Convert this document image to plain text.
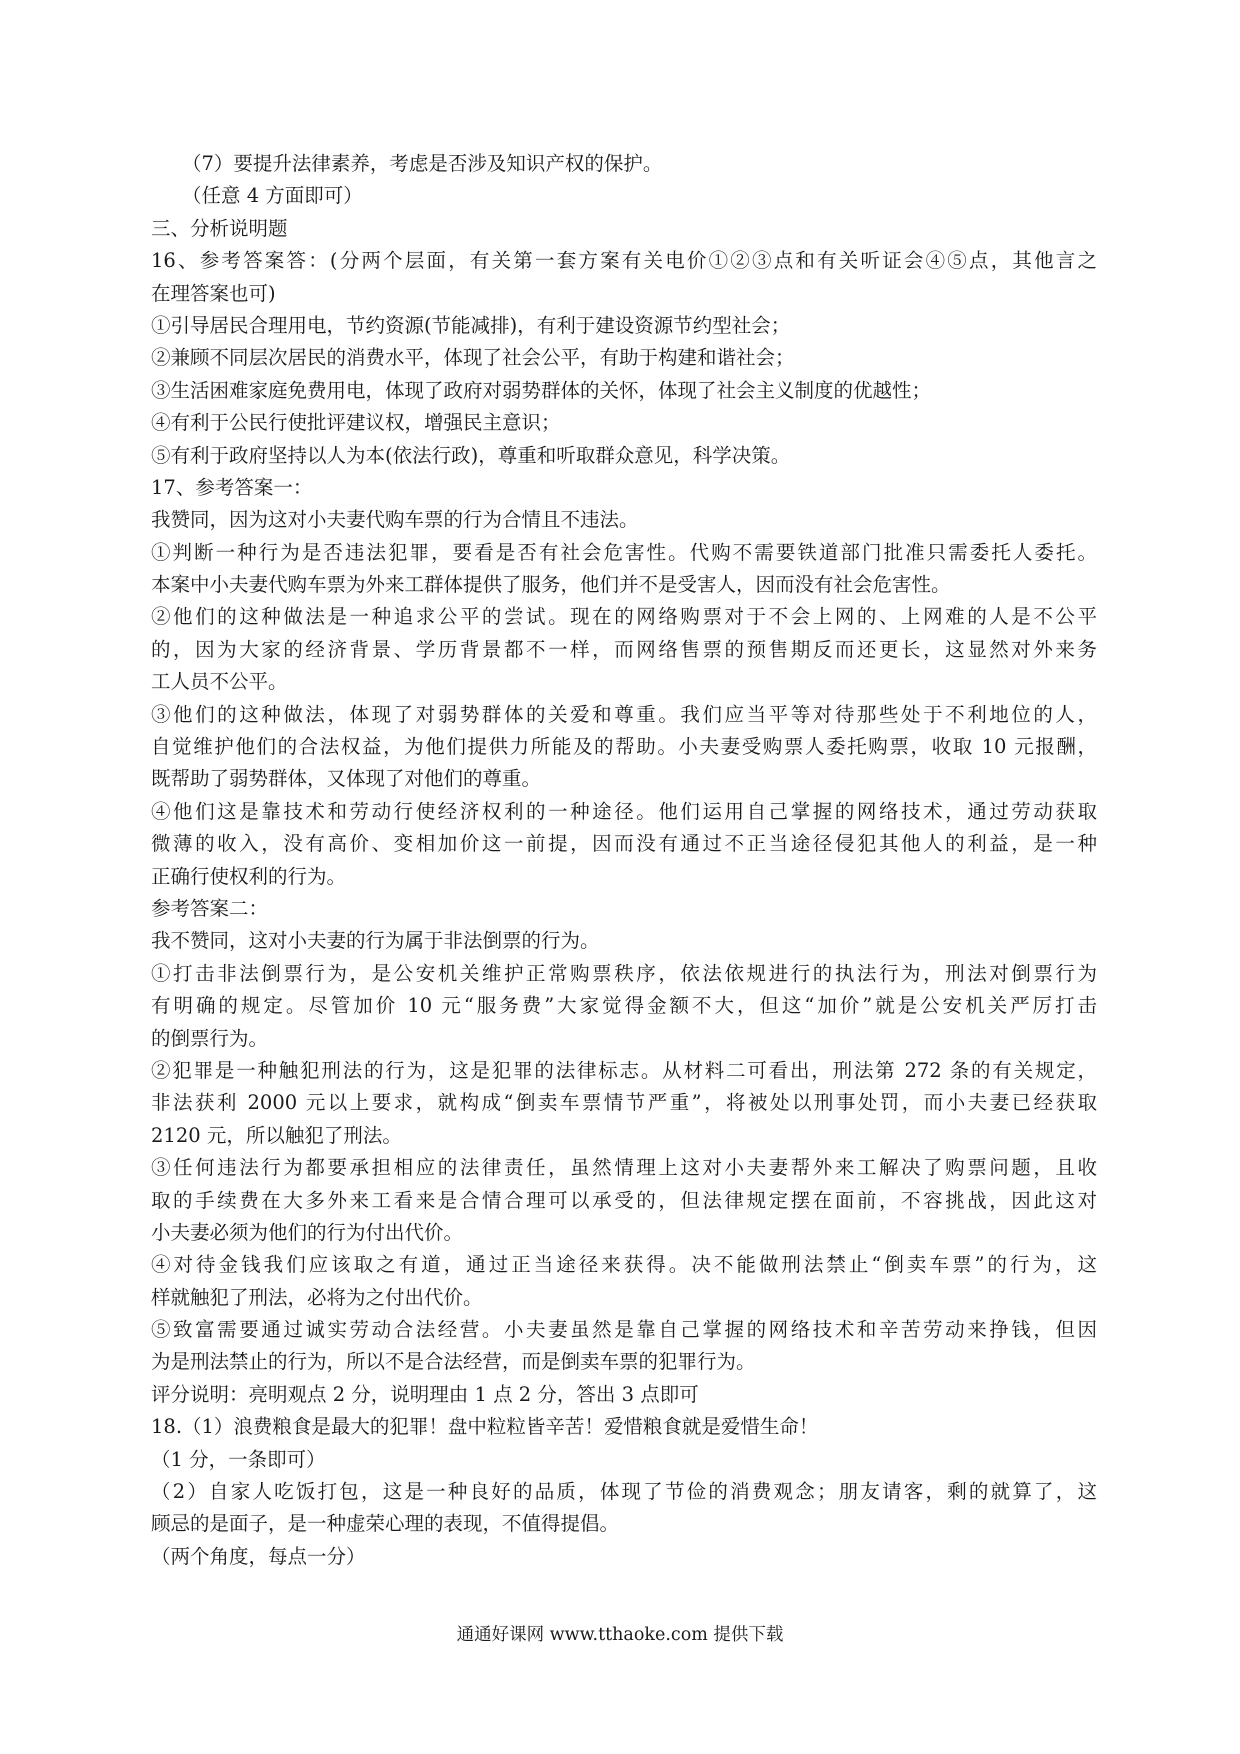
（7）要提升法律素养，考虑是否涉及知识产权的保护。
（任意 4 方面即可）
三、分析说明题
16、参考答案答：(分两个层面，有关第一套方案有关电价①②③点和有关听证会④⑤点，其他言之
在理答案也可)
①引导居民合理用电，节约资源(节能减排)，有利于建设资源节约型社会；
②兼顾不同层次居民的消费水平，体现了社会公平，有助于构建和谐社会；
③生活困难家庭免费用电，体现了政府对弱势群体的关怀，体现了社会主义制度的优越性；
④有利于公民行使批评建议权，增强民主意识；
⑤有利于政府坚持以人为本(依法行政)，尊重和听取群众意见，科学决策。
17、参考答案一：
我赞同，因为这对小夫妻代购车票的行为合情且不违法。
①判断一种行为是否违法犯罪，要看是否有社会危害性。代购不需要铁道部门批准只需委托人委托。
本案中小夫妻代购车票为外来工群体提供了服务，他们并不是受害人，因而没有社会危害性。
②他们的这种做法是一种追求公平的尝试。现在的网络购票对于不会上网的、上网难的人是不公平
的，因为大家的经济背景、学历背景都不一样，而网络售票的预售期反而还更长，这显然对外来务
工人员不公平。
③他们的这种做法，体现了对弱势群体的关爱和尊重。我们应当平等对待那些处于不利地位的人，
自觉维护他们的合法权益，为他们提供力所能及的帮助。小夫妻受购票人委托购票，收取 10 元报酬，
既帮助了弱势群体，又体现了对他们的尊重。
④他们这是靠技术和劳动行使经济权利的一种途径。他们运用自己掌握的网络技术，通过劳动获取
微薄的收入，没有高价、变相加价这一前提，因而没有通过不正当途径侵犯其他人的利益，是一种
正确行使权利的行为。
参考答案二：
我不赞同，这对小夫妻的行为属于非法倒票的行为。
①打击非法倒票行为，是公安机关维护正常购票秩序，依法依规进行的执法行为，刑法对倒票行为
有明确的规定。尽管加价 10 元“服务费”大家觉得金额不大，但这“加价”就是公安机关严厉打击
的倒票行为。
②犯罪是一种触犯刑法的行为，这是犯罪的法律标志。从材料二可看出，刑法第 272 条的有关规定，
非法获利 2000 元以上要求，就构成“倒卖车票情节严重”，将被处以刑事处罚，而小夫妻已经获取
2120 元，所以触犯了刑法。
③任何违法行为都要承担相应的法律责任，虽然情理上这对小夫妻帮外来工解决了购票问题，且收
取的手续费在大多外来工看来是合情合理可以承受的，但法律规定摆在面前，不容挑战，因此这对
小夫妻必须为他们的行为付出代价。
④对待金钱我们应该取之有道，通过正当途径来获得。决不能做刑法禁止“倒卖车票”的行为，这
样就触犯了刑法，必将为之付出代价。
⑤致富需要通过诚实劳动合法经营。小夫妻虽然是靠自己掌握的网络技术和辛苦劳动来挣钱，但因
为是刑法禁止的行为，所以不是合法经营，而是倒卖车票的犯罪行为。
评分说明：亮明观点 2 分，说明理由 1 点 2 分，答出 3 点即可
18.（1）浪费粮食是最大的犯罪！盘中粒粒皆辛苦！爱惜粮食就是爱惜生命！
（1 分，一条即可）
（2）自家人吃饭打包，这是一种良好的品质，体现了节俭的消费观念；朋友请客，剩的就算了，这
顾忌的是面子，是一种虚荣心理的表现，不值得提倡。
（两个角度，每点一分）
通通好课网 www.tthaoke.com 提供下载
